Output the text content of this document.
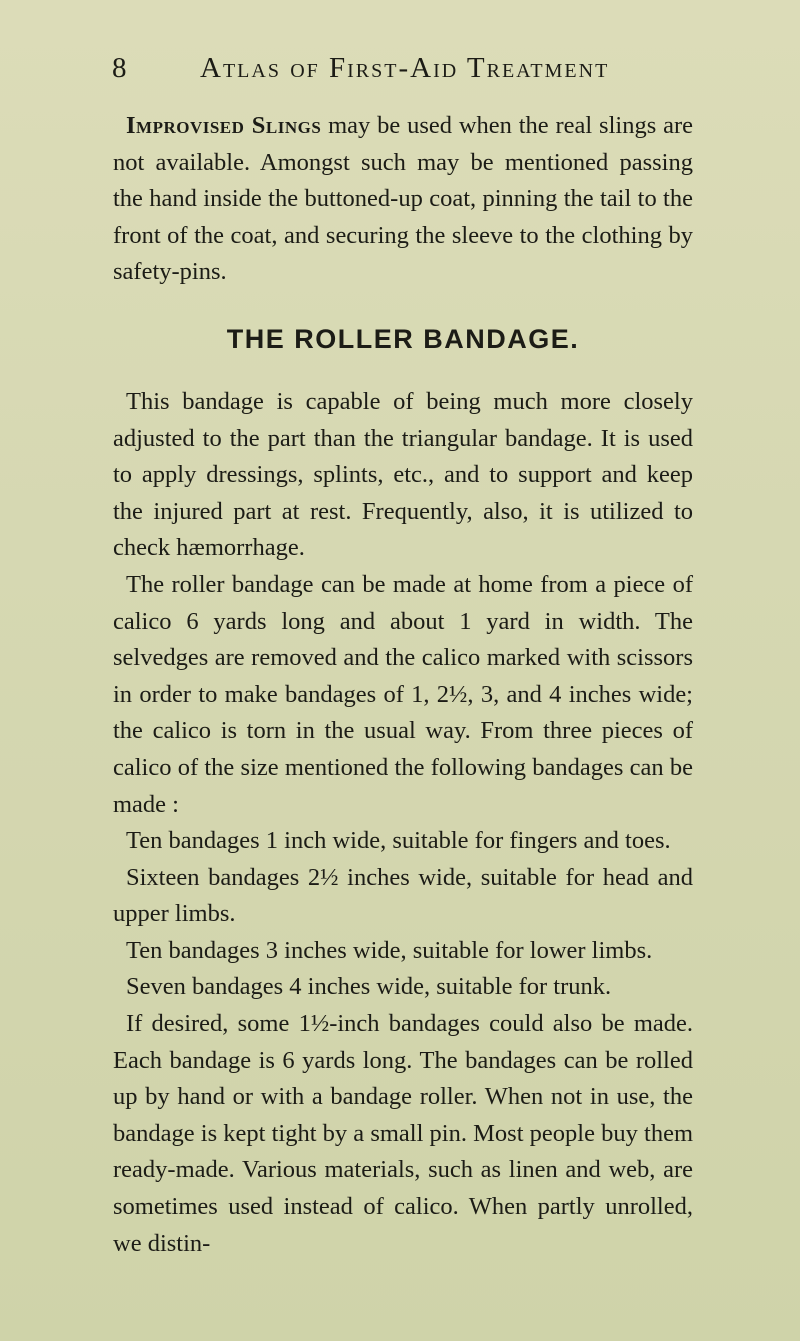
8	Atlas of First-Aid Treatment

Improvised Slings may be used when the real slings are not available. Amongst such may be mentioned passing the hand inside the buttoned-up coat, pinning the tail to the front of the coat, and securing the sleeve to the clothing by safety-pins.

THE ROLLER BANDAGE.

This bandage is capable of being much more closely adjusted to the part than the triangular bandage. It is used to apply dressings, splints, etc., and to support and keep the injured part at rest. Frequently, also, it is utilized to check hæmorrhage.

The roller bandage can be made at home from a piece of calico 6 yards long and about 1 yard in width. The selvedges are removed and the calico marked with scissors in order to make bandages of 1, 2½, 3, and 4 inches wide; the calico is torn in the usual way. From three pieces of calico of the size mentioned the following bandages can be made :

Ten bandages 1 inch wide, suitable for fingers and toes.

Sixteen bandages 2½ inches wide, suitable for head and upper limbs.

Ten bandages 3 inches wide, suitable for lower limbs.

Seven bandages 4 inches wide, suitable for trunk.

If desired, some 1½-inch bandages could also be made. Each bandage is 6 yards long. The bandages can be rolled up by hand or with a bandage roller. When not in use, the bandage is kept tight by a small pin. Most people buy them ready-made. Various materials, such as linen and web, are sometimes used instead of calico. When partly unrolled, we distin-
